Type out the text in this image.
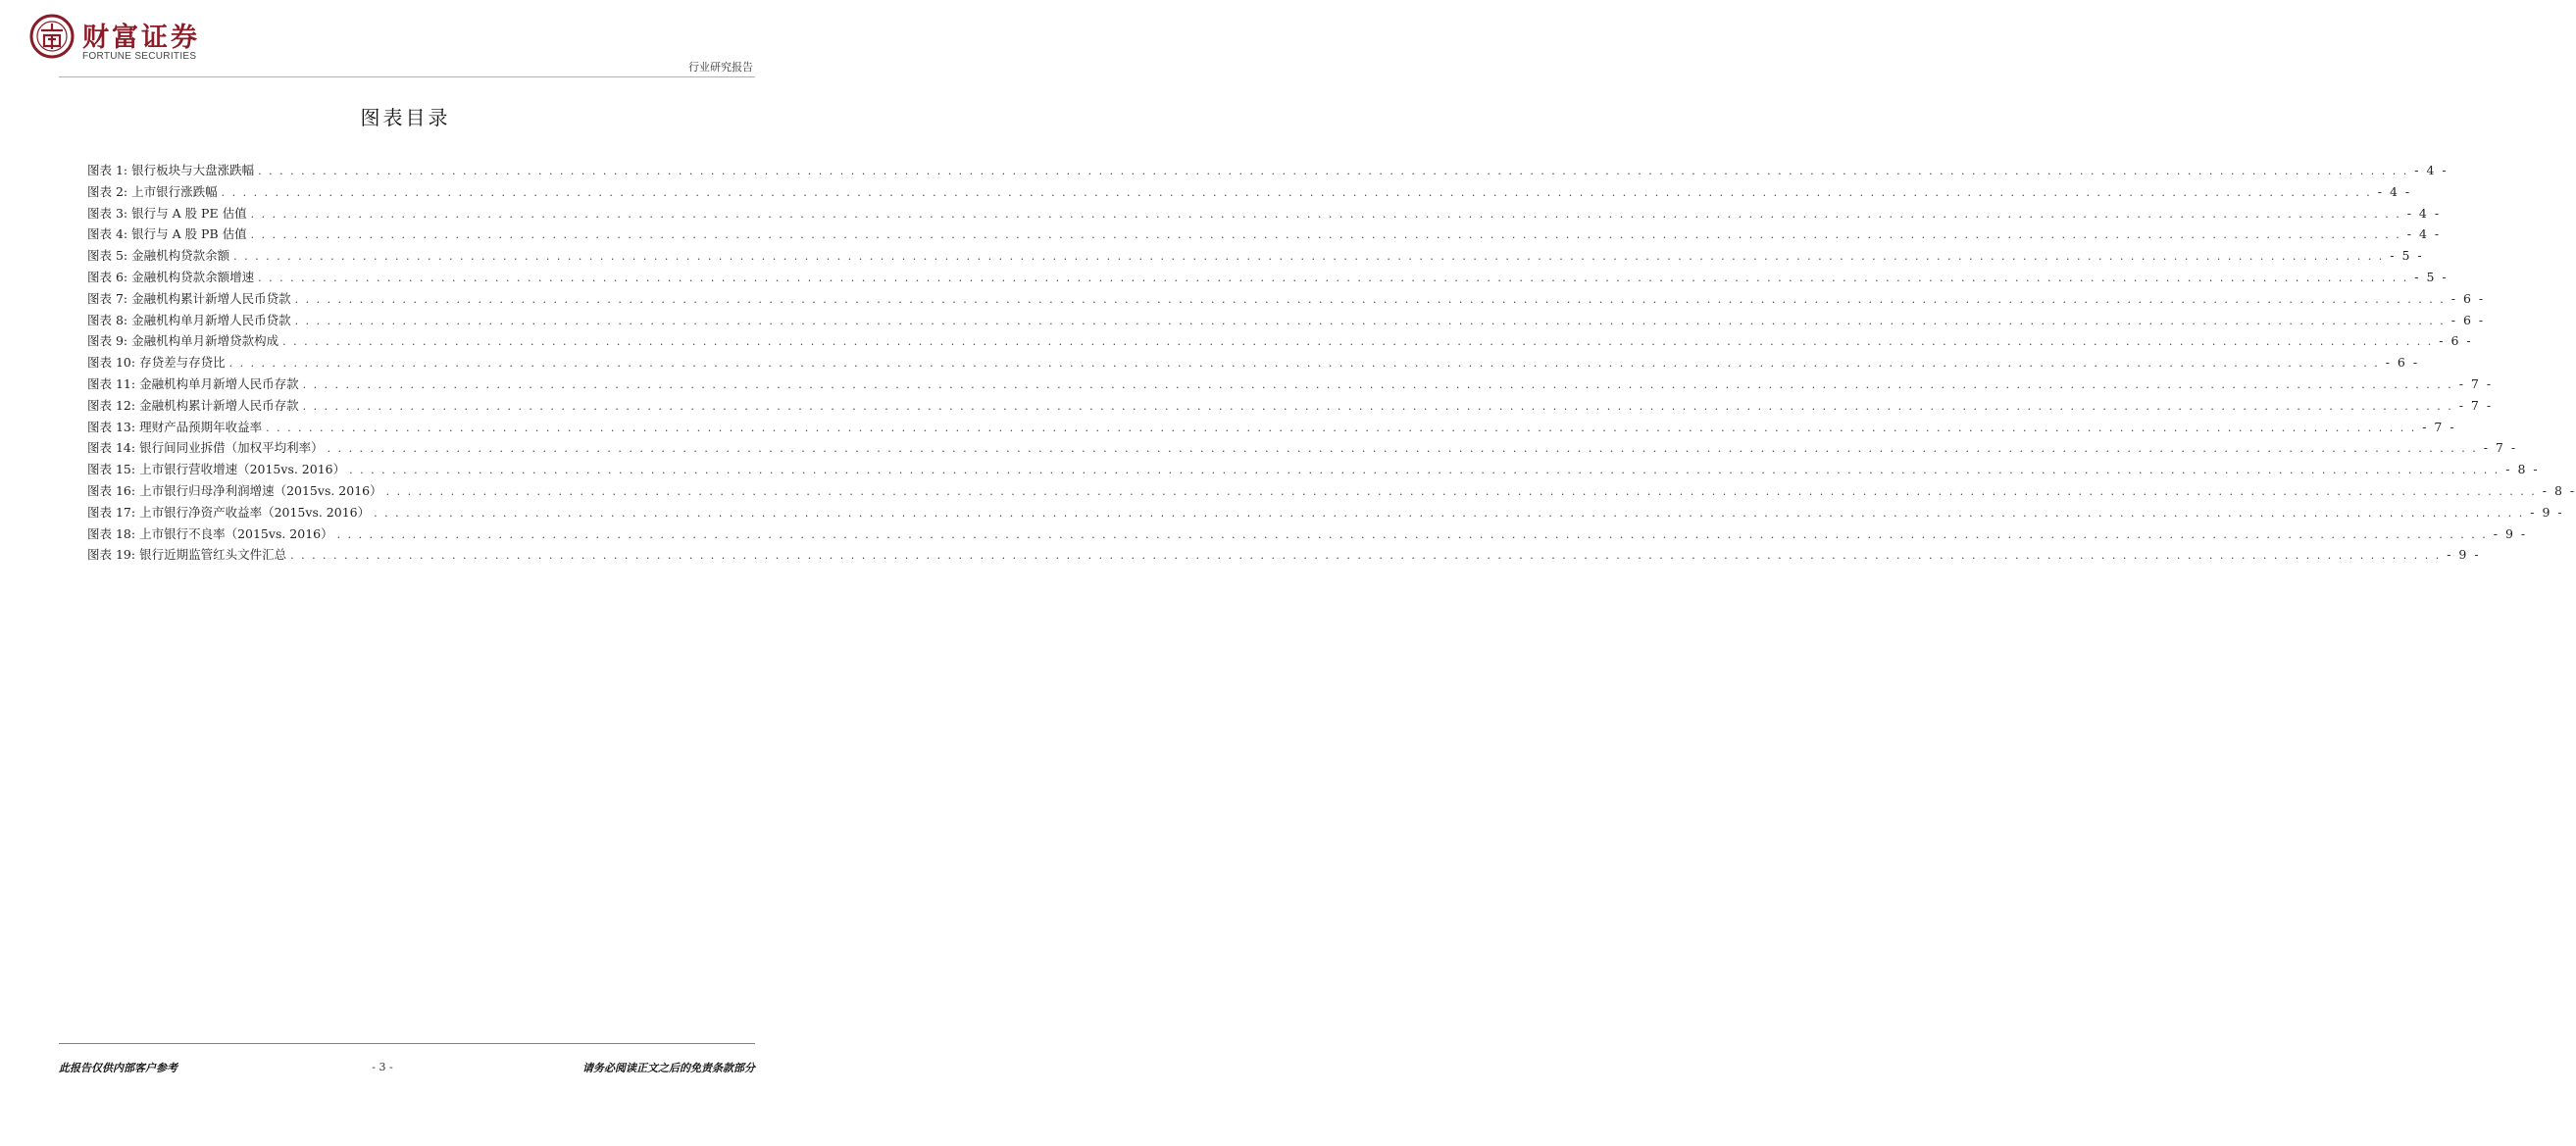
财富证券
FORTUNE SECURITIES
行业研究报告
图表目录
图表 1: 银行板块与大盘涨跌幅 . . . . . . . . . . . . . . . . . . . . . . . . . . . . . . . . . . . . . . . . . . . . . . . . . . . . . . . . . . . . . . . . . . . . . . . . . . . . . . . . . . . . . . . . . . . . . . . . . . . . . . . . . . . . . . . . . . . . . . . . . . . . . . . . . . . . . . . . . . . . . . . . . . . . . . . . . . . . . . . . . . . . . . . . . . . . . . . . . . . . . . . . . . . . . . . . . . . . . . . . - 4 -
图表 2: 上市银行涨跌幅 . . . . . . . . . . . . . . . . . . . . . . . . . . . . . . . . . . . . . . . . . . . . . . . . . . . . . . . . . . . . . . . . . . . . . . . . . . . . . . . . . . . . . . . . . . . . . . . . . . . . . . . . . . . . . . . . . . . . . . . . . . . . . . . . . . . . . . . . . . . . . . . . . . . . . . . . . . . . . . . . . . . . . . . . . . . . . . . . . . . . . . . . . . . . . . . . . . . . . . . . - 4 -
图表 3: 银行与 A 股 PE 估值 . . . . . . . . . . . . . . . . . . . . . . . . . . . . . . . . . . . . . . . . . . . . . . . . . . . . . . . . . . . . . . . . . . . . . . . . . . . . . . . . . . . . . . . . . . . . . . . . . . . . . . . . . . . . . . . . . . . . . . . . . . . . . . . . . . . . . . . . . . . . . . . . . . . . . . . . . . . . . . . . . . . . . . . . . . . . . . . . . . . . . . . . . . . . . . . . . . . . . . . . - 4 -
图表 4: 银行与 A 股 PB 估值 . . . . . . . . . . . . . . . . . . . . . . . . . . . . . . . . . . . . . . . . . . . . . . . . . . . . . . . . . . . . . . . . . . . . . . . . . . . . . . . . . . . . . . . . . . . . . . . . . . . . . . . . . . . . . . . . . . . . . . . . . . . . . . . . . . . . . . . . . . . . . . . . . . . . . . . . . . . . . . . . . . . . . . . . . . . . . . . . . . . . . . . . . . . . . . . . . . . . . . . . - 4 -
图表 5: 金融机构贷款余额 . . . . . . . . . . . . . . . . . . . . . . . . . . . . . . . . . . . . . . . . . . . . . . . . . . . . . . . . . . . . . . . . . . . . . . . . . . . . . . . . . . . . . . . . . . . . . . . . . . . . . . . . . . . . . . . . . . . . . . . . . . . . . . . . . . . . . . . . . . . . . . . . . . . . . . . . . . . . . . . . . . . . . . . . . . . . . . . . . . . . . . . . . . . . . . . . . . . . . . . . - 5 -
图表 6: 金融机构贷款余额增速 . . . . . . . . . . . . . . . . . . . . . . . . . . . . . . . . . . . . . . . . . . . . . . . . . . . . . . . . . . . . . . . . . . . . . . . . . . . . . . . . . . . . . . . . . . . . . . . . . . . . . . . . . . . . . . . . . . . . . . . . . . . . . . . . . . . . . . . . . . . . . . . . . . . . . . . . . . . . . . . . . . . . . . . . . . . . . . . . . . . . . . . . . . . . . . . . . . . . . . . . - 5 -
图表 7: 金融机构累计新增人民币贷款 . . . . . . . . . . . . . . . . . . . . . . . . . . . . . . . . . . . . . . . . . . . . . . . . . . . . . . . . . . . . . . . . . . . . . . . . . . . . . . . . . . . . . . . . . . . . . . . . . . . . . . . . . . . . . . . . . . . . . . . . . . . . . . . . . . . . . . . . . . . . . . . . . . . . . . . . . . . . . . . . . . . . . . . . . . . . . . . . . . . . . . . . . . . . . . . . . . . . . . . . - 6 -
图表 8: 金融机构单月新增人民币贷款 . . . . . . . . . . . . . . . . . . . . . . . . . . . . . . . . . . . . . . . . . . . . . . . . . . . . . . . . . . . . . . . . . . . . . . . . . . . . . . . . . . . . . . . . . . . . . . . . . . . . . . . . . . . . . . . . . . . . . . . . . . . . . . . . . . . . . . . . . . . . . . . . . . . . . . . . . . . . . . . . . . . . . . . . . . . . . . . . . . . . . . . . . . . . . . . . . . . . . . . . - 6 -
图表 9: 金融机构单月新增贷款构成 . . . . . . . . . . . . . . . . . . . . . . . . . . . . . . . . . . . . . . . . . . . . . . . . . . . . . . . . . . . . . . . . . . . . . . . . . . . . . . . . . . . . . . . . . . . . . . . . . . . . . . . . . . . . . . . . . . . . . . . . . . . . . . . . . . . . . . . . . . . . . . . . . . . . . . . . . . . . . . . . . . . . . . . . . . . . . . . . . . . . . . . . . . . . . . . . . . . . . . . . - 6 -
图表 10: 存贷差与存贷比 . . . . . . . . . . . . . . . . . . . . . . . . . . . . . . . . . . . . . . . . . . . . . . . . . . . . . . . . . . . . . . . . . . . . . . . . . . . . . . . . . . . . . . . . . . . . . . . . . . . . . . . . . . . . . . . . . . . . . . . . . . . . . . . . . . . . . . . . . . . . . . . . . . . . . . . . . . . . . . . . . . . . . . . . . . . . . . . . . . . . . . . . . . . . . . . . . . . . . . . . - 6 -
图表 11: 金融机构单月新增人民币存款 . . . . . . . . . . . . . . . . . . . . . . . . . . . . . . . . . . . . . . . . . . . . . . . . . . . . . . . . . . . . . . . . . . . . . . . . . . . . . . . . . . . . . . . . . . . . . . . . . . . . . . . . . . . . . . . . . . . . . . . . . . . . . . . . . . . . . . . . . . . . . . . . . . . . . . . . . . . . . . . . . . . . . . . . . . . . . . . . . . . . . . . . . . . . . . . . . . . . . . . . - 7 -
图表 12: 金融机构累计新增人民币存款 . . . . . . . . . . . . . . . . . . . . . . . . . . . . . . . . . . . . . . . . . . . . . . . . . . . . . . . . . . . . . . . . . . . . . . . . . . . . . . . . . . . . . . . . . . . . . . . . . . . . . . . . . . . . . . . . . . . . . . . . . . . . . . . . . . . . . . . . . . . . . . . . . . . . . . . . . . . . . . . . . . . . . . . . . . . . . . . . . . . . . . . . . . . . . . . . . . . . . . . . - 7 -
图表 13: 理财产品预期年收益率 . . . . . . . . . . . . . . . . . . . . . . . . . . . . . . . . . . . . . . . . . . . . . . . . . . . . . . . . . . . . . . . . . . . . . . . . . . . . . . . . . . . . . . . . . . . . . . . . . . . . . . . . . . . . . . . . . . . . . . . . . . . . . . . . . . . . . . . . . . . . . . . . . . . . . . . . . . . . . . . . . . . . . . . . . . . . . . . . . . . . . . . . . . . . . . . . . . . . . . . . - 7 -
图表 14: 银行间同业拆借（加权平均利率） . . . . . . . . . . . . . . . . . . . . . . . . . . . . . . . . . . . . . . . . . . . . . . . . . . . . . . . . . . . . . . . . . . . . . . . . . . . . . . . . . . . . . . . . . . . . . . . . . . . . . . . . . . . . . . . . . . . . . . . . . . . . . . . . . . . . . . . . . . . . . . . . . . . . . . . . . . . . . . . . . . . . . . . . . . . . . . . . . . . . . . . . . . . . . . . . . . . . . . . . - 7 -
图表 15: 上市银行营收增速（2015vs. 2016） . . . . . . . . . . . . . . . . . . . . . . . . . . . . . . . . . . . . . . . . . . . . . . . . . . . . . . . . . . . . . . . . . . . . . . . . . . . . . . . . . . . . . . . . . . . . . . . . . . . . . . . . . . . . . . . . . . . . . . . . . . . . . . . . . . . . . . . . . . . . . . . . . . . . . . . . . . . . . . . . . . . . . . . . . . . . . . . . . . . . . . . . . . . . . . . . . . . . . . . . - 8 -
图表 16: 上市银行归母净利润增速（2015vs. 2016） . . . . . . . . . . . . . . . . . . . . . . . . . . . . . . . . . . . . . . . . . . . . . . . . . . . . . . . . . . . . . . . . . . . . . . . . . . . . . . . . . . . . . . . . . . . . . . . . . . . . . . . . . . . . . . . . . . . . . . . . . . . . . . . . . . . . . . . . . . . . . . . . . . . . . . . . . . . . . . . . . . . . . . . . . . . . . . . . . . . . . . . . . . . . . . . . . . . . . . . . - 8 -
图表 17: 上市银行净资产收益率（2015vs. 2016） . . . . . . . . . . . . . . . . . . . . . . . . . . . . . . . . . . . . . . . . . . . . . . . . . . . . . . . . . . . . . . . . . . . . . . . . . . . . . . . . . . . . . . . . . . . . . . . . . . . . . . . . . . . . . . . . . . . . . . . . . . . . . . . . . . . . . . . . . . . . . . . . . . . . . . . . . . . . . . . . . . . . . . . . . . . . . . . . . . . . . . . . . . . . . . . . . . . . . . . . - 9 -
图表 18: 上市银行不良率（2015vs. 2016） . . . . . . . . . . . . . . . . . . . . . . . . . . . . . . . . . . . . . . . . . . . . . . . . . . . . . . . . . . . . . . . . . . . . . . . . . . . . . . . . . . . . . . . . . . . . . . . . . . . . . . . . . . . . . . . . . . . . . . . . . . . . . . . . . . . . . . . . . . . . . . . . . . . . . . . . . . . . . . . . . . . . . . . . . . . . . . . . . . . . . . . . . . . . . . . . . . . . . . . . - 9 -
图表 19: 银行近期监管红头文件汇总 . . . . . . . . . . . . . . . . . . . . . . . . . . . . . . . . . . . . . . . . . . . . . . . . . . . . . . . . . . . . . . . . . . . . . . . . . . . . . . . . . . . . . . . . . . . . . . . . . . . . . . . . . . . . . . . . . . . . . . . . . . . . . . . . . . . . . . . . . . . . . . . . . . . . . . . . . . . . . . . . . . . . . . . . . . . . . . . . . . . . . . . . . . . . . . . . . . . . . . . . - 9 -
此报告仅供内部客户参考	- 3 -	请务必阅读正文之后的免责条款部分
